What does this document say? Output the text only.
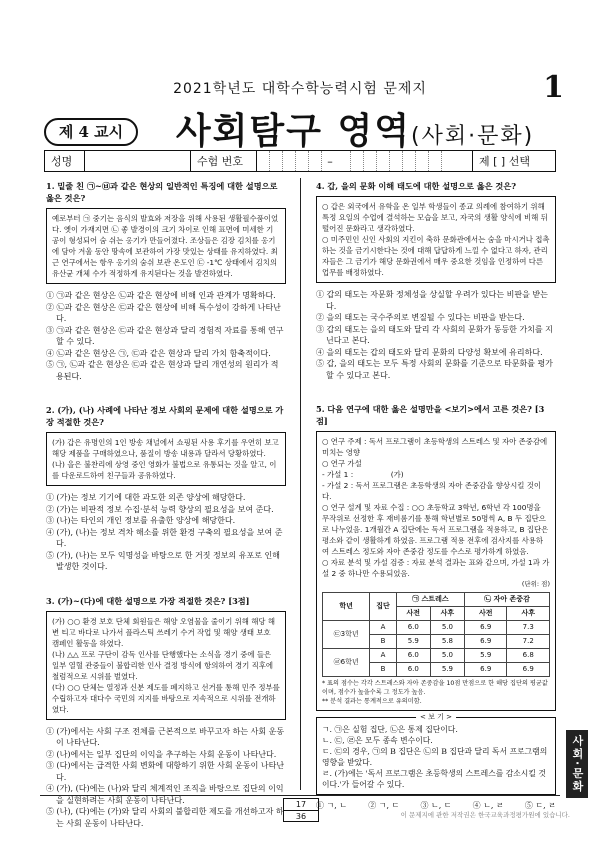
2021학년도 대학수학능력시험 문제지	1
제 4 교시	사회탐구 영역(사회·문화)
성명	수험 번호	–	제 [ ] 선택
1. 밑줄 친 ㉠~㉥과 같은 현상의 일반적인 특징에 대한 설명으로 옳은 것은?
예로부터 ㉠ 중기는 음식의 발효와 저장을 위해 사용된 생활필수품이었다. 옛이 가재지면 ㉡ 좋 발경이의 크기 차이로 인해 표면에 미세한 기공이 형성되어 숨 쉬는 옹기가 만들어졌다. 조상들은 김장 김치를 옹기에 담아 겨울 동안 땅속에 보관하여 가장 맛있는 상태를 유지하였다. 최근 연구에서는 항우 옹기의 숨쉬 보관 온도인 ㉢ -1℃ 상태에서 김치의 유산균 개체 수가 적정하게 유지된다는 것을 발견하였다.
① ㉠과 같은 현상은 ㉡과 같은 현상에 비해 인과 관계가 명확하다.
② ㉡과 같은 현상은 ㉢과 같은 현상에 비해 특수성이 강하게 나타난다.
③ ㉠과 같은 현상은 ㉢과 같은 현상과 달리 경험적 자료를 통해 연구할 수 있다.
④ ㉡과 같은 현상은 ㉠, ㉢과 같은 현상과 달리 가치 함축적이다.
⑤ ㉠, ㉡과 같은 현상은 ㉢과 같은 현상과 달리 개연성의 원리가 적용된다.
2. (가), (나) 사례에 나타난 정보 사회의 문제에 대한 설명으로 가장 적절한 것은?
(가) 갑은 유명인의 1인 방송 채널에서 쇼핑된 사용 후기를 우연히 보고 해당 제품을 구매하였으나, 품질이 방송 내용과 달라서 당황하였다.
(나) 을은 불찬리에 상영 중인 영화가 불법으로 유통되는 것을 알고, 이를 다운로드하여 친구들과 공유하였다.
① (가)는 정보 기기에 대한 과도한 의존 양상에 해당한다.
② (가)는 비판적 정보 수집·분석 능력 향상의 필요성을 보여 준다.
③ (나)는 타인의 개인 정보를 유출한 양상에 해당한다.
④ (가), (나)는 정보 격차 해소를 위한 환경 구축의 필요성을 보여 준다.
⑤ (가), (나)는 모두 익명성을 바탕으로 한 거짓 정보의 유포로 인해 발생한 것이다.
3. (가)~(다)에 대한 설명으로 가장 적절한 것은? [3점]
(가) ○○ 환경 보호 단체 회원들은 해양 오염물을 줄이기 위해 해당 해변 티고 바다로 나가서 플라스틱 쓰레기 수거 작업 및 해양 생태 보호 캠페인 활동을 하였다.
(나) △△ 프로 구단이 감독 인사를 단행했다는 소식을 경기 중에 들은 일부 열혈 관중들이 불합리한 인사 결정 방식에 항의하여 경기 직후에 철럼적으로 시위를 벌였다.
(다) ○○ 단체는 열정과 신분 제도를 폐지하고 선거를 통해 민주 정부를 수립하고자 대다수 국민의 지지를 바탕으로 지속적으로 시위를 전개하였다.
① (가)에서는 사회 구조 전체를 근본적으로 바꾸고자 하는 사회 운동이 나타난다.
② (나)에서는 일부 집단의 이익을 추구하는 사회 운동이 나타난다.
③ (다)에서는 급격한 사회 변화에 대항하기 위한 사회 운동이 나타난다.
④ (가), (다)에는 (나)와 달리 체계적인 조직을 바탕으로 집단의 이익을 실현하려는 사회 운동이 나타난다.
⑤ (나), (다)에는 (가)와 달리 사회의 불합리한 제도를 개선하고자 하는 사회 운동이 나타난다.
4. 갑, 을의 문화 이해 태도에 대한 설명으로 옳은 것은?
○ 갑은 외국에서 유학을 온 일부 학생들이 종교 의례에 참여하기 위해 특정 요일의 수업에 결석하는 모습을 보고, 자국의 생활 양식에 비해 뒤떨어진 문화라고 생각하였다.
○ 미주민인 신인 사회의 지킨이 축하 문화관에서는 숨을 마시거나 접촉하는 것을 금기시한다는 것에 대해 답답하게 느낄 수 없다고 하자, 관리자들은 그 금기가 해당 문화권에서 매우 중요한 것임을 인정하여 다른 업무를 배정하였다.
① 갑의 태도는 자문화 정체성을 상실할 우려가 있다는 비판을 받는다.
② 을의 태도는 국수주의로 변질될 수 있다는 비판을 받는다.
③ 갑의 태도는 을의 태도와 달리 각 사회의 문화가 동등한 가치를 지닌다고 본다.
④ 을의 태도는 갑의 태도와 달리 문화의 다양성 확보에 유리하다.
⑤ 갑, 을의 태도는 모두 특정 사회의 문화를 기준으로 타문화를 평가할 수 있다고 본다.
5. 다음 연구에 대한 옳은 설명만을 <보기>에서 고른 것은? [3점]
○ 연구 주제 : 독서 프로그램이 초등학생의 스트레스 및 자아 존중감에 미치는 영향
○ 연구 가설
- 가설 1 :                (가)
- 가설 2 : 독서 프로그램은 초등학생의 자아 존중감을 향상시킬 것이다.
○ 연구 설계 및 자료 수집 : ○○ 초등학교 3학년, 6학년 각 100명을 무작위로 선정한 후 재비롬기를 통해 학년별로 50명씩 A, B 두 집단으로 나누었음. 1개월간 A 집단에는 독서 프로그램을 적용하고, B 집단은 평소와 같이 생활하게 하였음. 프로그램 적용 전후에 검사지를 사용하여 스트레스 정도와 자아 존중감 정도를 수스로 평가하게 하였음.
○ 자료 분석 및 가설 검증 : 자료 분석 결과는 표와 같으며, 가설 1과 가설 2 중 하나만 수용되었음.
(단위: 점)
학년	집단	㉠ 스트레스		㉡ 자아 존중감	
		사전	사후	사전	사후
㉢3학년	A	6.0	5.0	6.9	7.3
	B	5.9	5.8	6.9	7.2
㉣6학년	A	6.0	5.0	5.9	6.8
	B	6.0	5.9	6.9	6.9
* 표의 점수는 각각 스트레스와 자아 존중감을 10점 만점으로 한 해당 집단의 평균값이며, 점수가 높을수록 그 정도가 높음.
** 분석 결과는 통계적으로 유의미함.
< 보 기 >
ㄱ. ㉠은 실험 집단, ㉡은 통제 집단이다.
ㄴ. ㉢, ㉣은 모두 종속 변수이다.
ㄷ. ㉢의 경우, ㉠의 B 집단은 ㉡의 B 집단과 달리 독서 프로그램의 영향을 받았다.
ㄹ. (가)에는 '독서 프로그램은 초등학생의 스트레스를 감소시킬 것이다.'가 들어갈 수 있다.
① ㄱ, ㄴ	② ㄱ, ㄷ	③ ㄴ, ㄷ	④ ㄴ, ㄹ	⑤ ㄷ, ㄹ
17
36	이 문제지에 관한 저작권은 한국교육과정평가원에 있습니다.
사회·문화
